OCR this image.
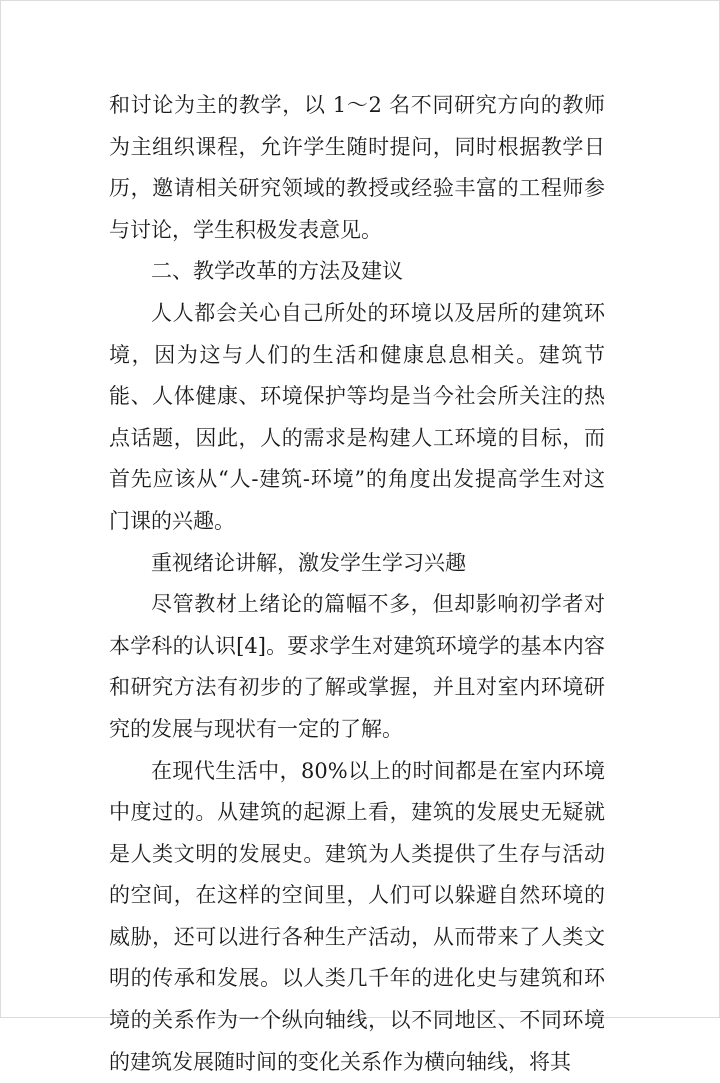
和讨论为主的教学，以 1～2 名不同研究方向的教师为主组织课程，允许学生随时提问，同时根据教学日历，邀请相关研究领域的教授或经验丰富的工程师参与讨论，学生积极发表意见。

二、教学改革的方法及建议

人人都会关心自己所处的环境以及居所的建筑环境，因为这与人们的生活和健康息息相关。建筑节能、人体健康、环境保护等均是当今社会所关注的热点话题，因此，人的需求是构建人工环境的目标，而首先应该从“人-建筑-环境”的角度出发提高学生对这门课的兴趣。

重视绪论讲解，激发学生学习兴趣

尽管教材上绪论的篇幅不多，但却影响初学者对本学科的认识[4]。要求学生对建筑环境学的基本内容和研究方法有初步的了解或掌握，并且对室内环境研究的发展与现状有一定的了解。

在现代生活中，80%以上的时间都是在室内环境中度过的。从建筑的起源上看，建筑的发展史无疑就是人类文明的发展史。建筑为人类提供了生存与活动的空间，在这样的空间里，人们可以躲避自然环境的威胁，还可以进行各种生产活动，从而带来了人类文明的传承和发展。以人类几千年的进化史与建筑和环境的关系作为一个纵向轴线，以不同地区、不同环境的建筑发展随时间的变化关系作为横向轴线，将其
